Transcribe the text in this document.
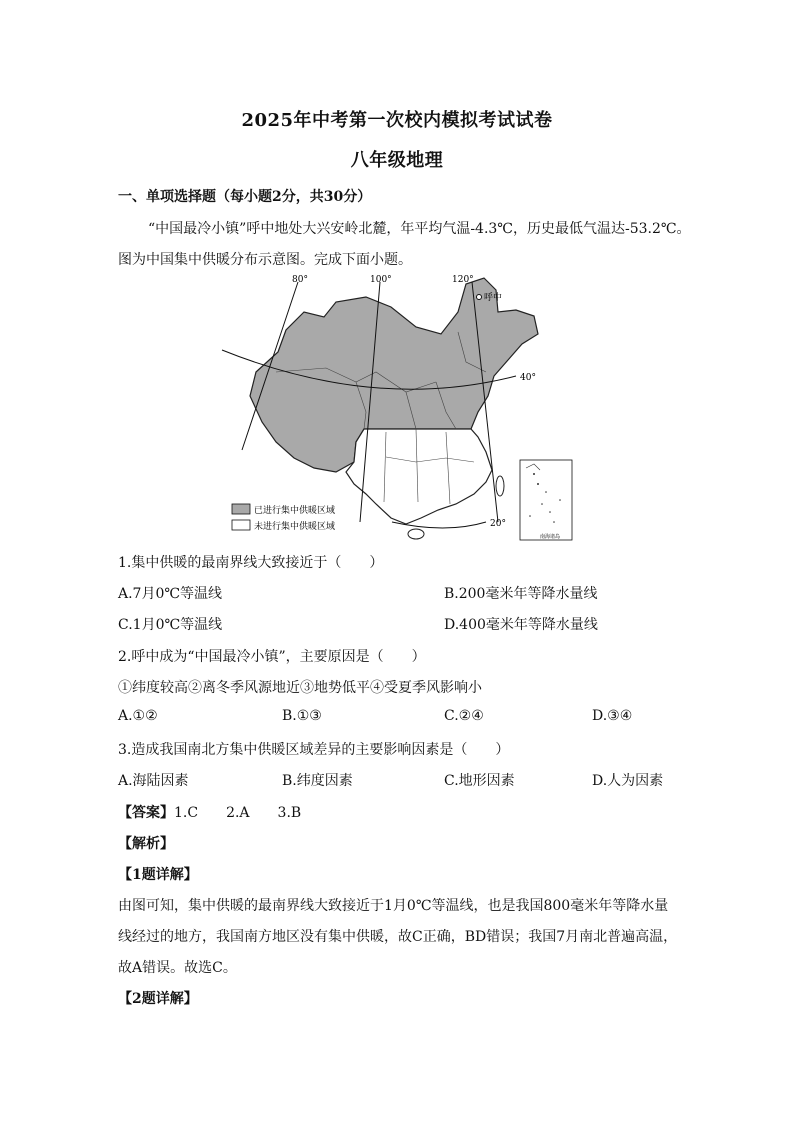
2025年中考第一次校内模拟考试试卷
八年级地理
一、单项选择题（每小题2分，共30分）
“中国最冷小镇”呼中地处大兴安岭北麓，年平均气温-4.3℃，历史最低气温达-53.2℃。
图为中国集中供暖分布示意图。完成下面小题。
80°	100°	120°
40°
20°
呼中
已进行集中供暖区域
未进行集中供暖区域
南海诸岛
1.集中供暖的最南界线大致接近于（　　）
A.7月0℃等温线	B.200毫米年等降水量线
C.1月0℃等温线	D.400毫米年等降水量线
2.呼中成为“中国最冷小镇”，主要原因是（　　）
①纬度较高②离冬季风源地近③地势低平④受夏季风影响小
A.①②	B.①③	C.②④	D.③④
3.造成我国南北方集中供暖区域差异的主要影响因素是（　　）
A.海陆因素	B.纬度因素	C.地形因素	D.人为因素
【答案】1.C　　2.A　　3.B
【解析】
【1题详解】
由图可知，集中供暖的最南界线大致接近于1月0℃等温线，也是我国800毫米年等降水量
线经过的地方，我国南方地区没有集中供暖，故C正确，BD错误；我国7月南北普遍高温，
故A错误。故选C。
【2题详解】
